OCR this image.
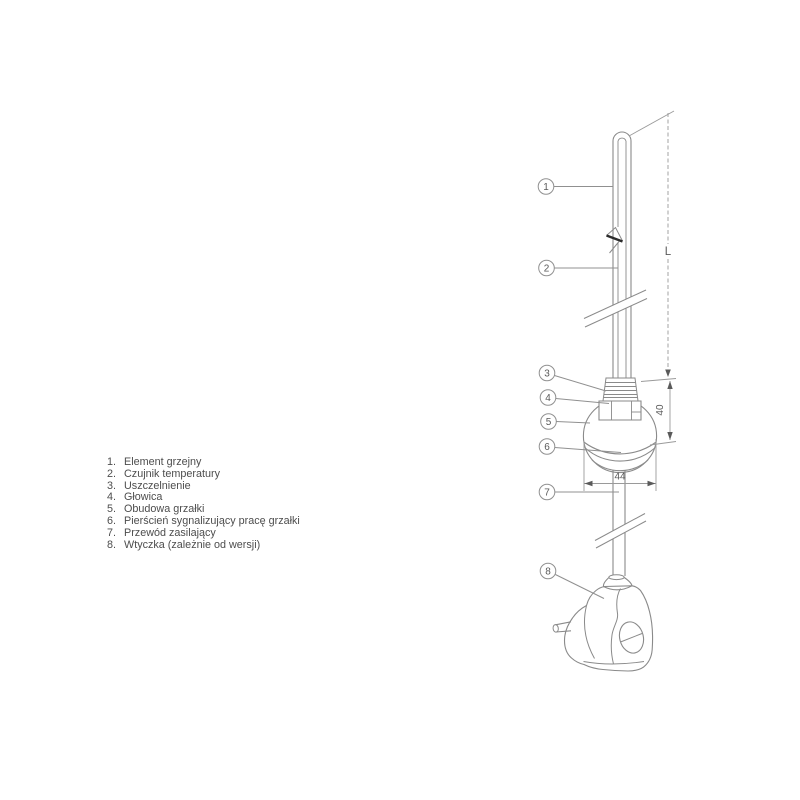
1. Element grzejny
2. Czujnik temperatury
3. Uszczelnienie
4. Głowica
5. Obudowa grzałki
6. Pierścień sygnalizujący pracę grzałki
7. Przewód zasilający
8. Wtyczka (zależnie od wersji)
L
40
44
1
2
3
4
5
6
7
8
